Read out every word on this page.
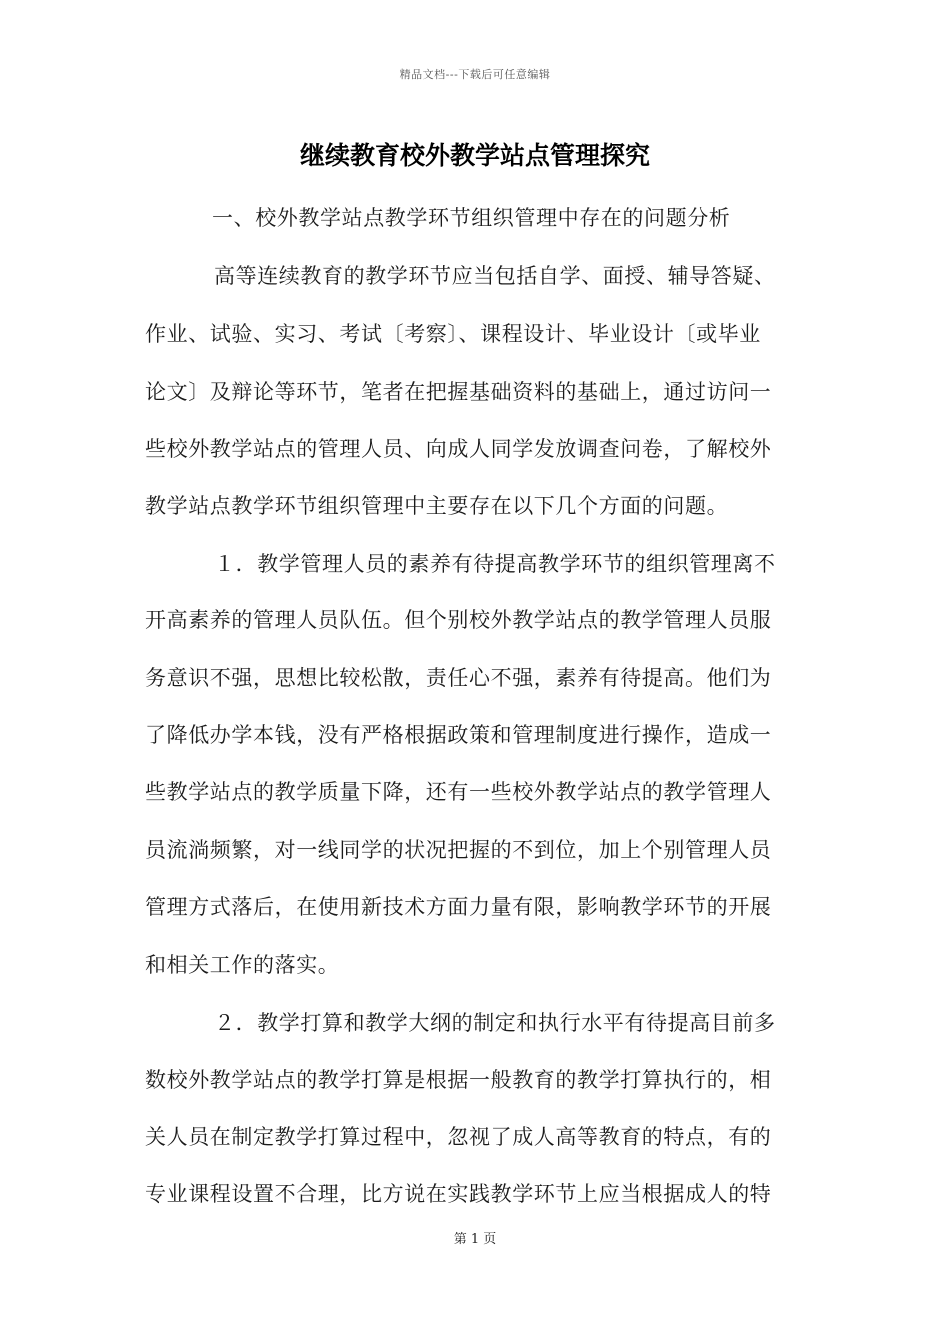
精品文档---下载后可任意编辑
继续教育校外教学站点管理探究
一、校外教学站点教学环节组织管理中存在的问题分析
高等连续教育的教学环节应当包括自学、面授、辅导答疑、
作业、试验、实习、考试〔考察〕、课程设计、毕业设计〔或毕业
论文〕及辩论等环节，笔者在把握基础资料的基础上，通过访问一
些校外教学站点的管理人员、向成人同学发放调查问卷，了解校外
教学站点教学环节组织管理中主要存在以下几个方面的问题。
１．教学管理人员的素养有待提高教学环节的组织管理离不
开高素养的管理人员队伍。但个别校外教学站点的教学管理人员服
务意识不强，思想比较松散，责任心不强，素养有待提高。他们为
了降低办学本钱，没有严格根据政策和管理制度进行操作，造成一
些教学站点的教学质量下降，还有一些校外教学站点的教学管理人
员流淌频繁，对一线同学的状况把握的不到位，加上个别管理人员
管理方式落后，在使用新技术方面力量有限，影响教学环节的开展
和相关工作的落实。
２．教学打算和教学大纲的制定和执行水平有待提高目前多
数校外教学站点的教学打算是根据一般教育的教学打算执行的，相
关人员在制定教学打算过程中，忽视了成人高等教育的特点，有的
专业课程设置不合理，比方说在实践教学环节上应当根据成人的特
第 1 页
